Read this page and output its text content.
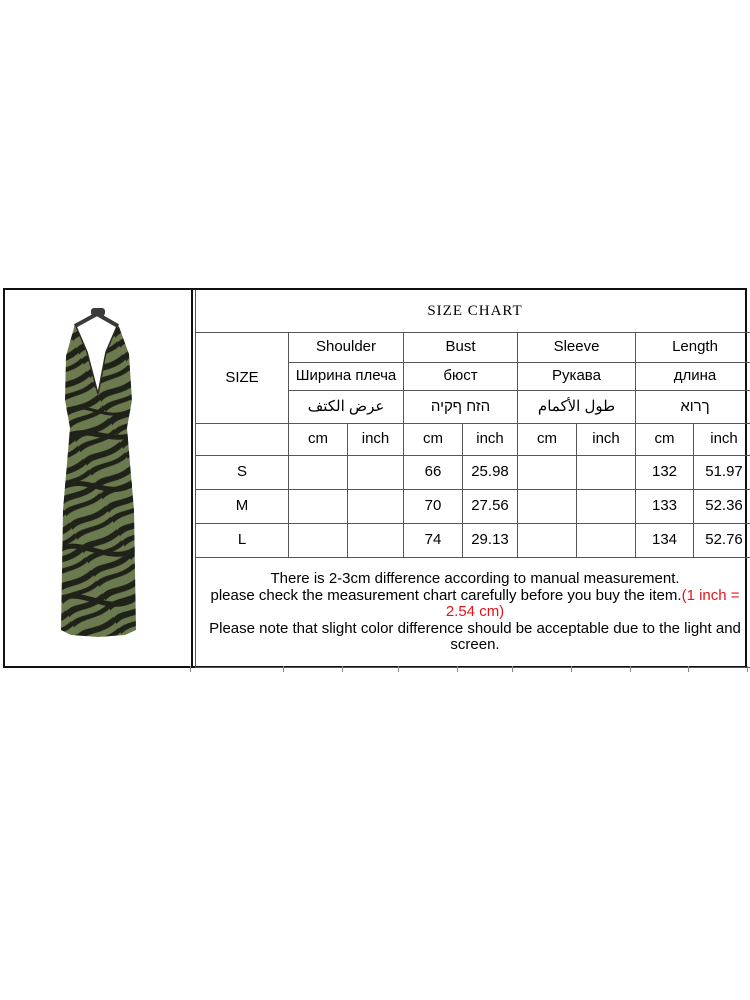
SIZE CHART								
SIZE	Shoulder		Bust		Sleeve		Length	
	Ширина плеча		бюст		Рукава		длина	
	عرض الكتف		הזח ףקיה		طول الأكمام		ךרוא	
	cm	inch	cm	inch	cm	inch	cm	inch
S			66	25.98			132	51.97
M			70	27.56			133	52.36
L			74	29.13			134	52.76

There is 2-3cm difference according to manual measurement.
please check the measurement chart carefully before you buy the item.(1 inch = 2.54 cm)
Please note that slight color difference should be acceptable due to the light and screen.								
